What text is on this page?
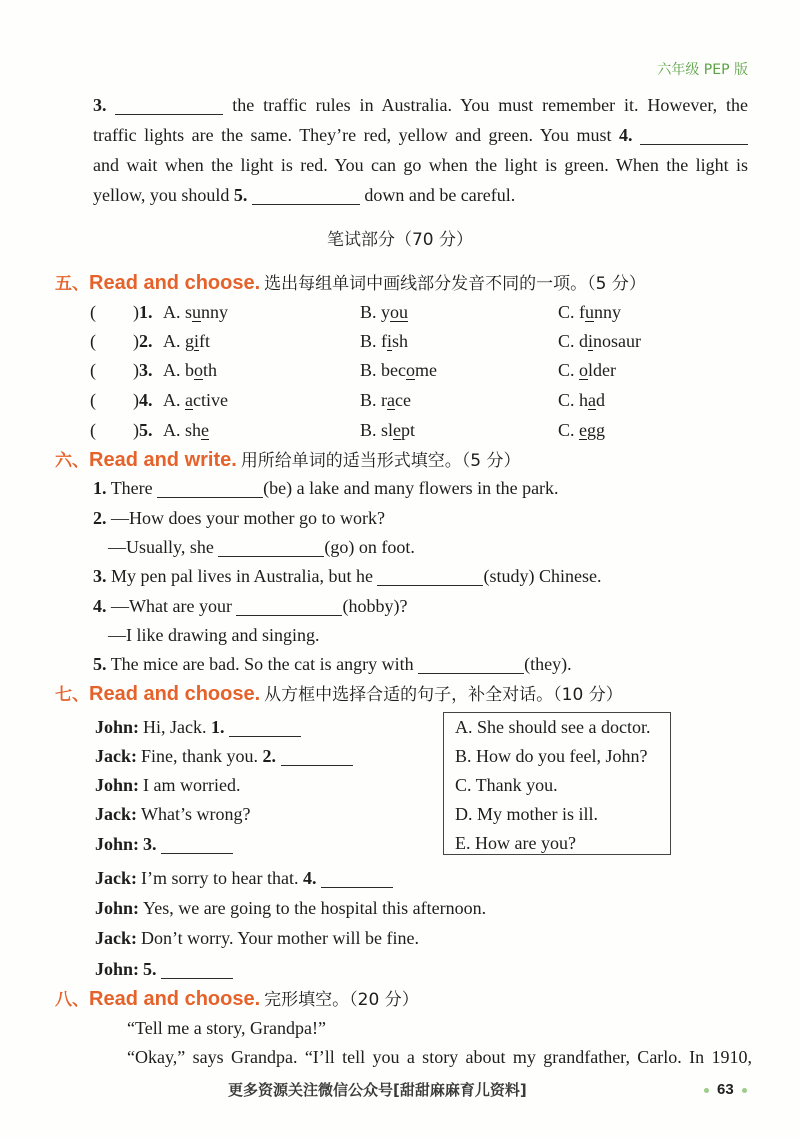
六年级 PEP 版
3.	the traffic rules in Australia. You must remember it. However, the
traffic lights are the same. They’re red, yellow and green. You must 4.
and wait when the light is red. You can go when the light is green. When the light is
yellow, you should 5.	down and be careful.
笔试部分（70 分）
五、Read and choose. 选出每组单词中画线部分发音不同的一项。（5 分）
( )1. A. sunny	B. you	C. funny
( )2. A. gift	B. fish	C. dinosaur
( )3. A. both	B. become	C. older
( )4. A. active	B. race	C. had
( )5. A. she	B. slept	C. egg
六、Read and write. 用所给单词的适当形式填空。（5 分）
1. There	(be) a lake and many flowers in the park.
2. —How does your mother go to work?
—Usually, she	(go) on foot.
3. My pen pal lives in Australia, but he	(study) Chinese.
4. —What are your	(hobby)?
—I like drawing and singing.
5. The mice are bad. So the cat is angry with	(they).
七、Read and choose. 从方框中选择合适的句子，补全对话。（10 分）
John: Hi, Jack. 1.
Jack: Fine, thank you. 2.
John: I am worried.
Jack: What’s wrong?
John: 3.
Jack: I’m sorry to hear that. 4.
John: Yes, we are going to the hospital this afternoon.
Jack: Don’t worry. Your mother will be fine.
John: 5.
A. She should see a doctor.
B. How do you feel, John?
C. Thank you.
D. My mother is ill.
E. How are you?
八、Read and choose. 完形填空。（20 分）
“Tell me a story, Grandpa!”
“Okay,” says Grandpa. “I’ll tell you a story about my grandfather, Carlo. In 1910,
更多资源关注微信公众号[甜甜麻麻育儿资料]	63
